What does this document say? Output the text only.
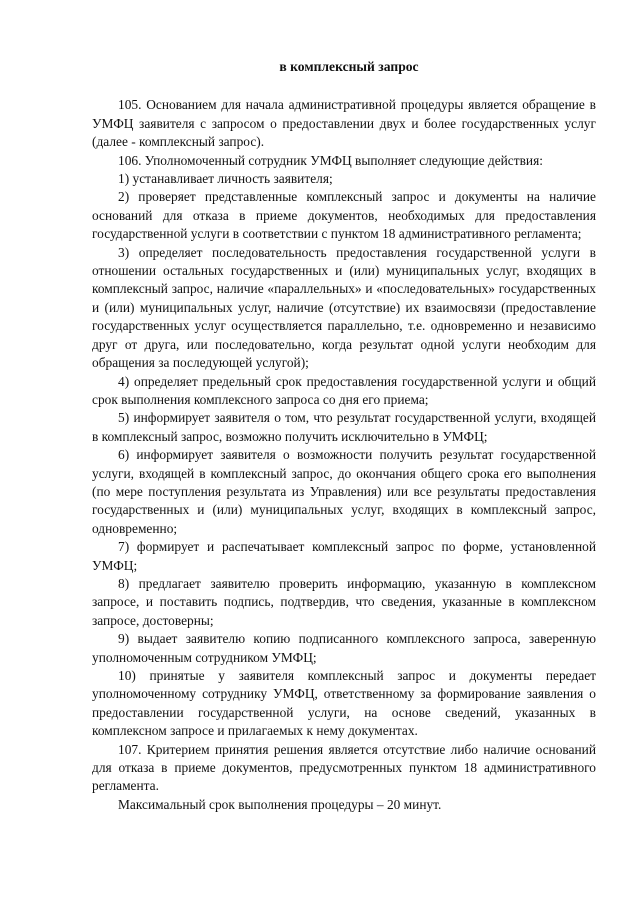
в комплексный запрос

105. Основанием для начала административной процедуры является обращение в УМФЦ заявителя с запросом о предоставлении двух и более государственных услуг (далее - комплексный запрос).

106. Уполномоченный сотрудник УМФЦ выполняет следующие действия:

1) устанавливает личность заявителя;

2) проверяет представленные комплексный запрос и документы на наличие оснований для отказа в приеме документов, необходимых для предоставления государственной услуги в соответствии с пунктом 18 административного регламента;

3) определяет последовательность предоставления государственной услуги в отношении остальных государственных и (или) муниципальных услуг, входящих в комплексный запрос, наличие «параллельных» и «последовательных» государственных и (или) муниципальных услуг, наличие (отсутствие) их взаимосвязи (предоставление государственных услуг осуществляется параллельно, т.е. одновременно и независимо друг от друга, или последовательно, когда результат одной услуги необходим для обращения за последующей услугой);

4) определяет предельный срок предоставления государственной услуги и общий срок выполнения комплексного запроса со дня его приема;

5) информирует заявителя о том, что результат государственной услуги, входящей в комплексный запрос, возможно получить исключительно в УМФЦ;

6) информирует заявителя о возможности получить результат государственной услуги, входящей в комплексный запрос, до окончания общего срока его выполнения (по мере поступления результата из Управления) или все результаты предоставления государственных и (или) муниципальных услуг, входящих в комплексный запрос, одновременно;

7) формирует и распечатывает комплексный запрос по форме, установленной УМФЦ;

8) предлагает заявителю проверить информацию, указанную в комплексном запросе, и поставить подпись, подтвердив, что сведения, указанные в комплексном запросе, достоверны;

9) выдает заявителю копию подписанного комплексного запроса, заверенную уполномоченным сотрудником УМФЦ;

10) принятые у заявителя комплексный запрос и документы передает уполномоченному сотруднику УМФЦ, ответственному за формирование заявления о предоставлении государственной услуги, на основе сведений, указанных в комплексном запросе и прилагаемых к нему документах.

107. Критерием принятия решения является отсутствие либо наличие оснований для отказа в приеме документов, предусмотренных пунктом 18 административного регламента.

Максимальный срок выполнения процедуры – 20 минут.
